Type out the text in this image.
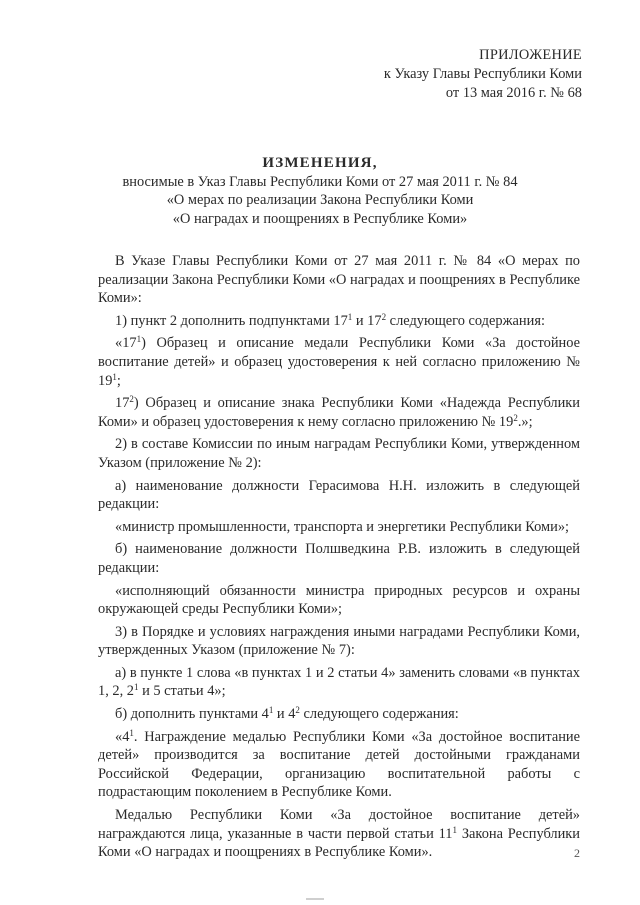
ПРИЛОЖЕНИЕ
к Указу Главы Республики Коми
от 13 мая 2016 г. № 68
ИЗМЕНЕНИЯ,
вносимые в Указ Главы Республики Коми от 27 мая 2011 г. № 84
«О мерах по реализации Закона Республики Коми
«О наградах и поощрениях в Республике Коми»

В Указе Главы Республики Коми от 27 мая 2011 г. № 84 «О мерах по реализации Закона Республики Коми «О наградах и поощрениях в Республике Коми»:

1) пункт 2 дополнить подпунктами $17^1$ и $17^2$ следующего содержания:

«$17^1$) Образец и описание медали Республики Коми «За достойное воспитание детей» и образец удостоверения к ней согласно приложению № $19^1$;

$17^2$) Образец и описание знака Республики Коми «Надежда Республики Коми» и образец удостоверения к нему согласно приложению № $19^2$.»;

2) в составе Комиссии по иным наградам Республики Коми, утвержденном Указом (приложение № 2):

а) наименование должности Герасимова Н.Н. изложить в следующей редакции:

«министр промышленности, транспорта и энергетики Республики Коми»;

б) наименование должности Полшведкина Р.В. изложить в следующей редакции:

«исполняющий обязанности министра природных ресурсов и охраны окружающей среды Республики Коми»;

3) в Порядке и условиях награждения иными наградами Республики Коми, утвержденных Указом (приложение № 7):

а) в пункте 1 слова «в пунктах 1 и 2 статьи 4» заменить словами «в пунктах 1, 2, $2^1$ и 5 статьи 4»;

б) дополнить пунктами $4^1$ и $4^2$ следующего содержания:

«$4^1$. Награждение медалью Республики Коми «За достойное воспитание детей» производится за воспитание детей достойными гражданами Российской Федерации, организацию воспитательной работы с подрастающим поколением в Республике Коми.

Медалью Республики Коми «За достойное воспитание детей» награждаются лица, указанные в части первой статьи $11^1$ Закона Республики Коми «О наградах и поощрениях в Республике Коми».	2
